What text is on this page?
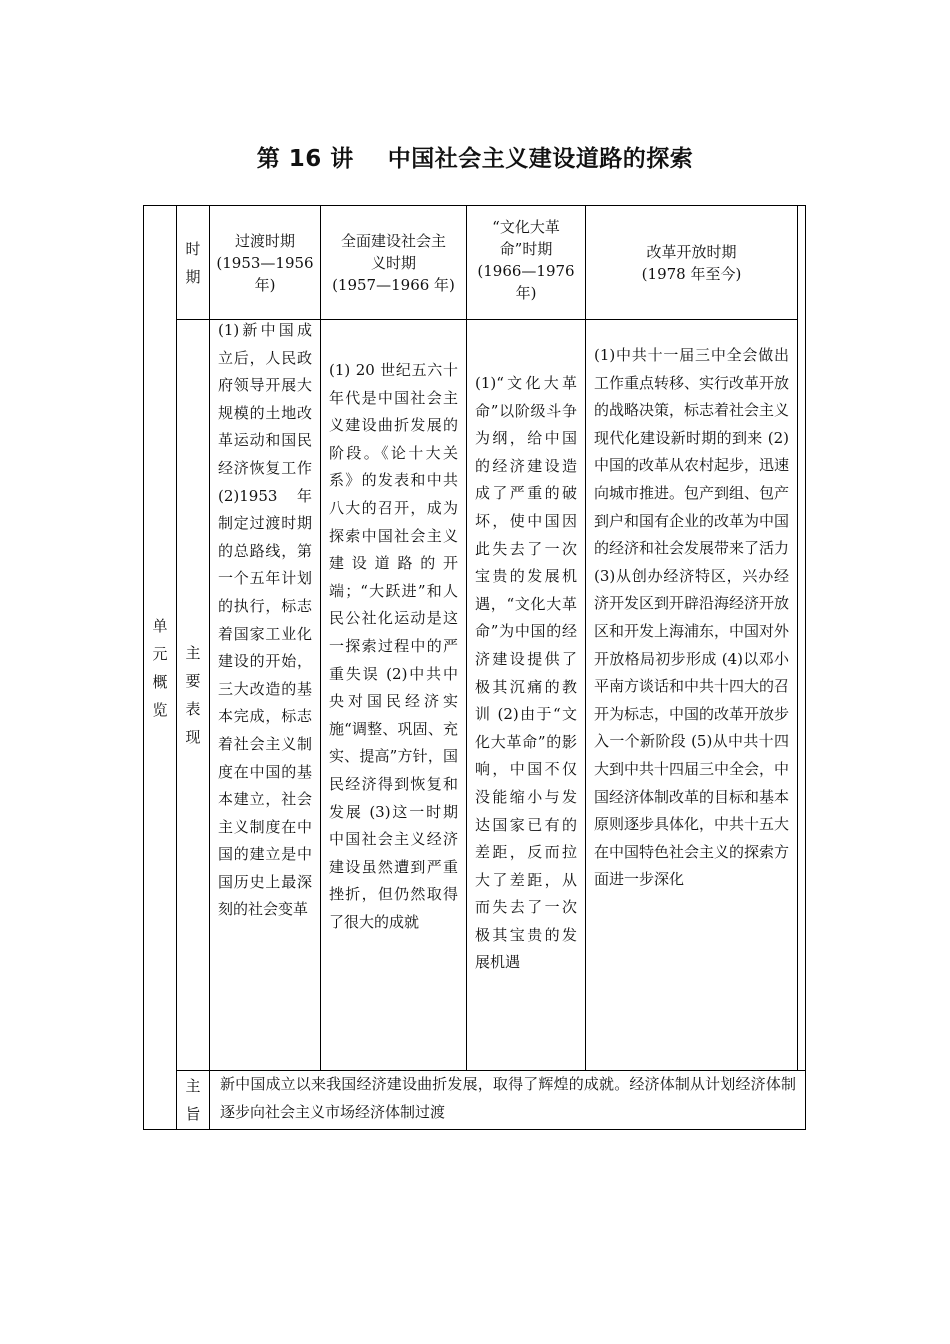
第 16 讲    中国社会主义建设道路的探索
单元概览
时期
主要表现
主旨
过渡时期
(1953—1956
年)
全面建设社会主
义时期
(1957—1966 年)
“文化大革
命”时期
(1966—1976
年)
改革开放时期
(1978 年至今)
(1)新中国成立后，人民政府领导开展大规模的土地改革运动和国民经济恢复工作 (2)1953 年制定过渡时期的总路线，第一个五年计划的执行，标志着国家工业化建设的开始，三大改造的基本完成，标志着社会主义制度在中国的基本建立，社会主义制度在中国的建立是中国历史上最深刻的社会变革
(1) 20 世纪五六十年代是中国社会主义建设曲折发展的阶段。《论十大关系》的发表和中共八大的召开，成为探索中国社会主义建设道路的开端；“大跃进”和人民公社化运动是这一探索过程中的严重失误 (2)中共中央对国民经济实施“调整、巩固、充实、提高”方针，国民经济得到恢复和发展 (3)这一时期中国社会主义经济建设虽然遭到严重挫折，但仍然取得了很大的成就
(1)“文化大革命”以阶级斗争为纲，给中国的经济建设造成了严重的破坏，使中国因此失去了一次宝贵的发展机遇，“文化大革命”为中国的经济建设提供了极其沉痛的教训 (2)由于“文化大革命”的影响，中国不仅没能缩小与发达国家已有的差距，反而拉大了差距，从而失去了一次极其宝贵的发展机遇
(1)中共十一届三中全会做出工作重点转移、实行改革开放的战略决策，标志着社会主义现代化建设新时期的到来 (2)中国的改革从农村起步，迅速向城市推进。包产到组、包产到户和国有企业的改革为中国的经济和社会发展带来了活力 (3)从创办经济特区，兴办经济开发区到开辟沿海经济开放区和开发上海浦东，中国对外开放格局初步形成 (4)以邓小平南方谈话和中共十四大的召开为标志，中国的改革开放步入一个新阶段 (5)从中共十四大到中共十四届三中全会，中国经济体制改革的目标和基本原则逐步具体化，中共十五大在中国特色社会主义的探索方面进一步深化
新中国成立以来我国经济建设曲折发展，取得了辉煌的成就。经济体制从计划经济体制逐步向社会主义市场经济体制过渡
